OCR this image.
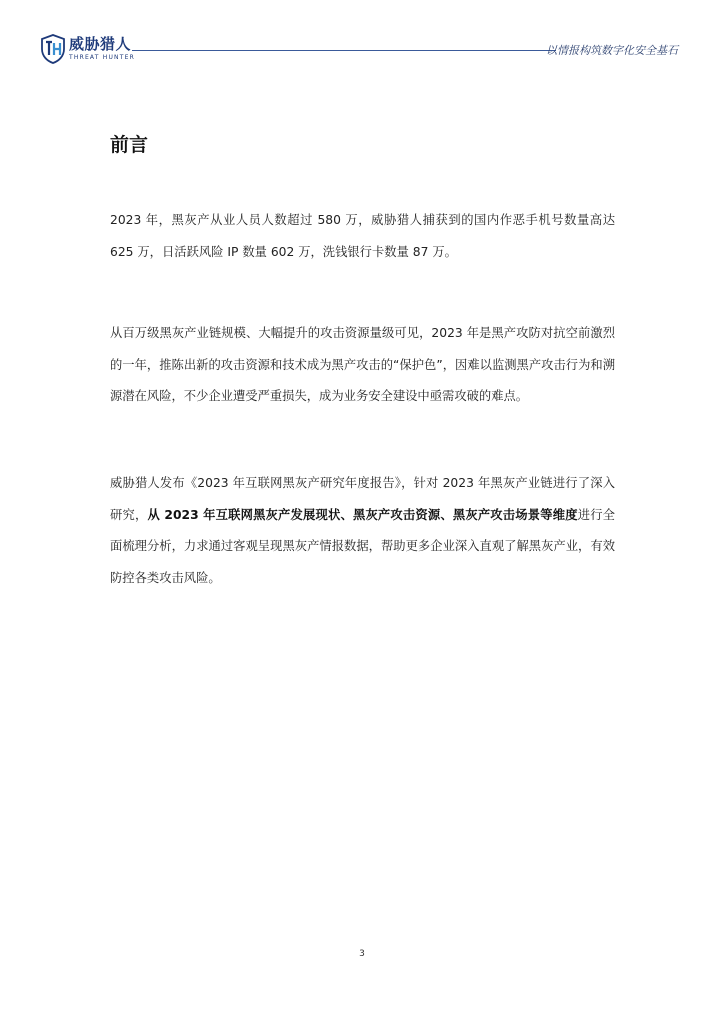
威胁猎人
THREAT HUNTER
以情报构筑数字化安全基石
前言

2023 年，黑灰产从业人员人数超过 580 万，威胁猎人捕获到的国内作恶手机号数量高达 625 万，日活跃风险 IP 数量 602 万，洗钱银行卡数量 87 万。

从百万级黑灰产业链规模、大幅提升的攻击资源量级可见，2023 年是黑产攻防对抗空前激烈的一年，推陈出新的攻击资源和技术成为黑产攻击的“保护色”，因难以监测黑产攻击行为和溯源潜在风险，不少企业遭受严重损失，成为业务安全建设中亟需攻破的难点。

威胁猎人发布《2023 年互联网黑灰产研究年度报告》，针对 2023 年黑灰产业链进行了深入研究，从 2023 年互联网黑灰产发展现状、黑灰产攻击资源、黑灰产攻击场景等维度进行全面梳理分析，力求通过客观呈现黑灰产情报数据，帮助更多企业深入直观了解黑灰产业，有效防控各类攻击风险。

3
